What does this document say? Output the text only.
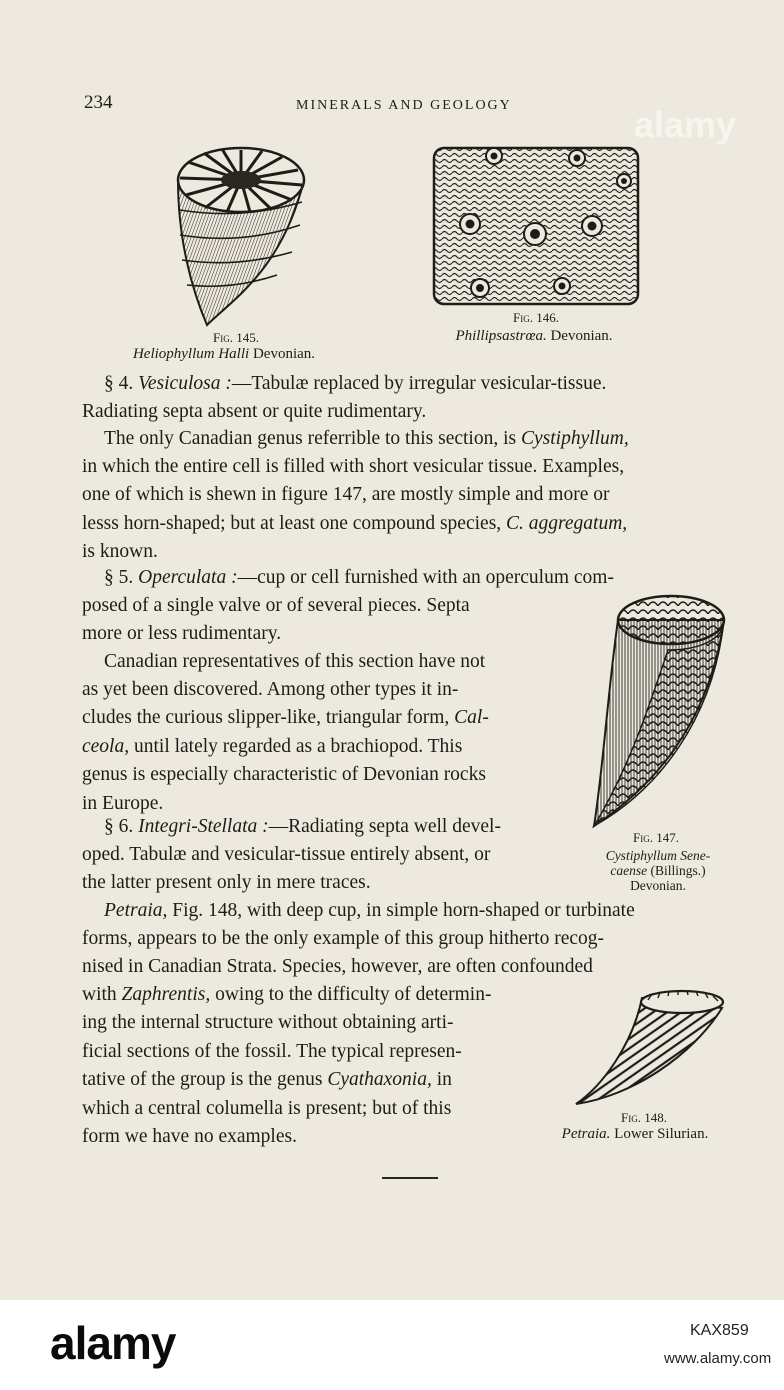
234	MINERALS AND GEOLOGY	alamy
Fig. 145.
Heliophyllum Halli Devonian.
Fig. 146.
Phillipsastrœa. Devonian.
§ 4. Vesiculosa :—Tabulæ replaced by irregular vesicular-tissue.
Radiating septa absent or quite rudimentary.
The only Canadian genus referrible to this section, is Cystiphyllum,
in which the entire cell is filled with short vesicular tissue. Examples,
one of which is shewn in figure 147, are mostly simple and more or
lesss horn-shaped; but at least one compound species, C. aggregatum,
is known.
§ 5. Operculata :—cup or cell furnished with an operculum com-
posed of a single valve or of several pieces. Septa
more or less rudimentary.
Fig. 147.
Cystiphyllum Sene-
caense (Billings.)
Devonian.
Canadian representatives of this section have not
as yet been discovered. Among other types it in-
cludes the curious slipper-like, triangular form, Cal-
ceola, until lately regarded as a brachiopod. This
genus is especially characteristic of Devonian rocks
in Europe.
§ 6. Integri-Stellata :—Radiating septa well devel-
oped. Tabulæ and vesicular-tissue entirely absent, or
the latter present only in mere traces.
Petraia, Fig. 148, with deep cup, in simple horn-shaped or turbinate
forms, appears to be the only example of this group hitherto recog-
nised in Canadian Strata. Species, however, are often confounded
with Zaphrentis, owing to the difficulty of determin-
ing the internal structure without obtaining arti-
ficial sections of the fossil. The typical represen-
tative of the group is the genus Cyathaxonia, in
which a central columella is present; but of this
form we have no examples.
Fig. 148.
Petraia. Lower Silurian.
alamy	KAX859
www.alamy.com
